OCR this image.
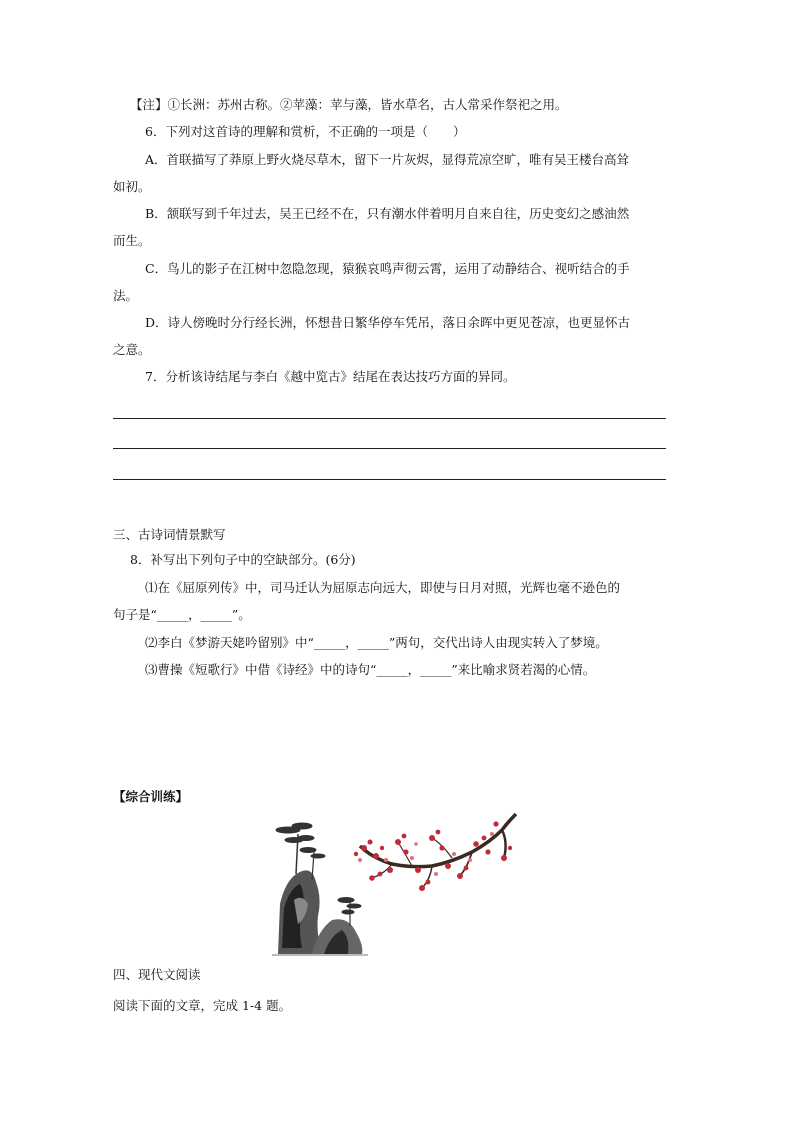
【注】①长洲：苏州古称。②苹藻：苹与藻，皆水草名，古人常采作祭祀之用。
6．下列对这首诗的理解和赏析，不正确的一项是（　　）
A．首联描写了莽原上野火烧尽草木，留下一片灰烬，显得荒凉空旷，唯有吴王楼台高耸
如初。
B．颔联写到千年过去，吴王已经不在，只有潮水伴着明月自来自往，历史变幻之感油然
而生。
C．鸟儿的影子在江树中忽隐忽现，猿猴哀鸣声彻云霄，运用了动静结合、视听结合的手
法。
D．诗人傍晚时分行经长洲，怀想昔日繁华停车凭吊，落日余晖中更见苍凉，也更显怀古
之意。
7．分析该诗结尾与李白《越中览古》结尾在表达技巧方面的异同。
三、古诗词情景默写
8．补写出下列句子中的空缺部分。(6分)
⑴在《屈原列传》中，司马迁认为屈原志向远大，即使与日月对照，光辉也毫不逊色的
句子是“_____，_____”。
⑵李白《梦游天姥吟留别》中“_____，_____”两句，交代出诗人由现实转入了梦境。
⑶曹操《短歌行》中借《诗经》中的诗句“_____，_____”来比喻求贤若渴的心情。
【综合训练】
四、现代文阅读
阅读下面的文章，完成 1-4 题。
